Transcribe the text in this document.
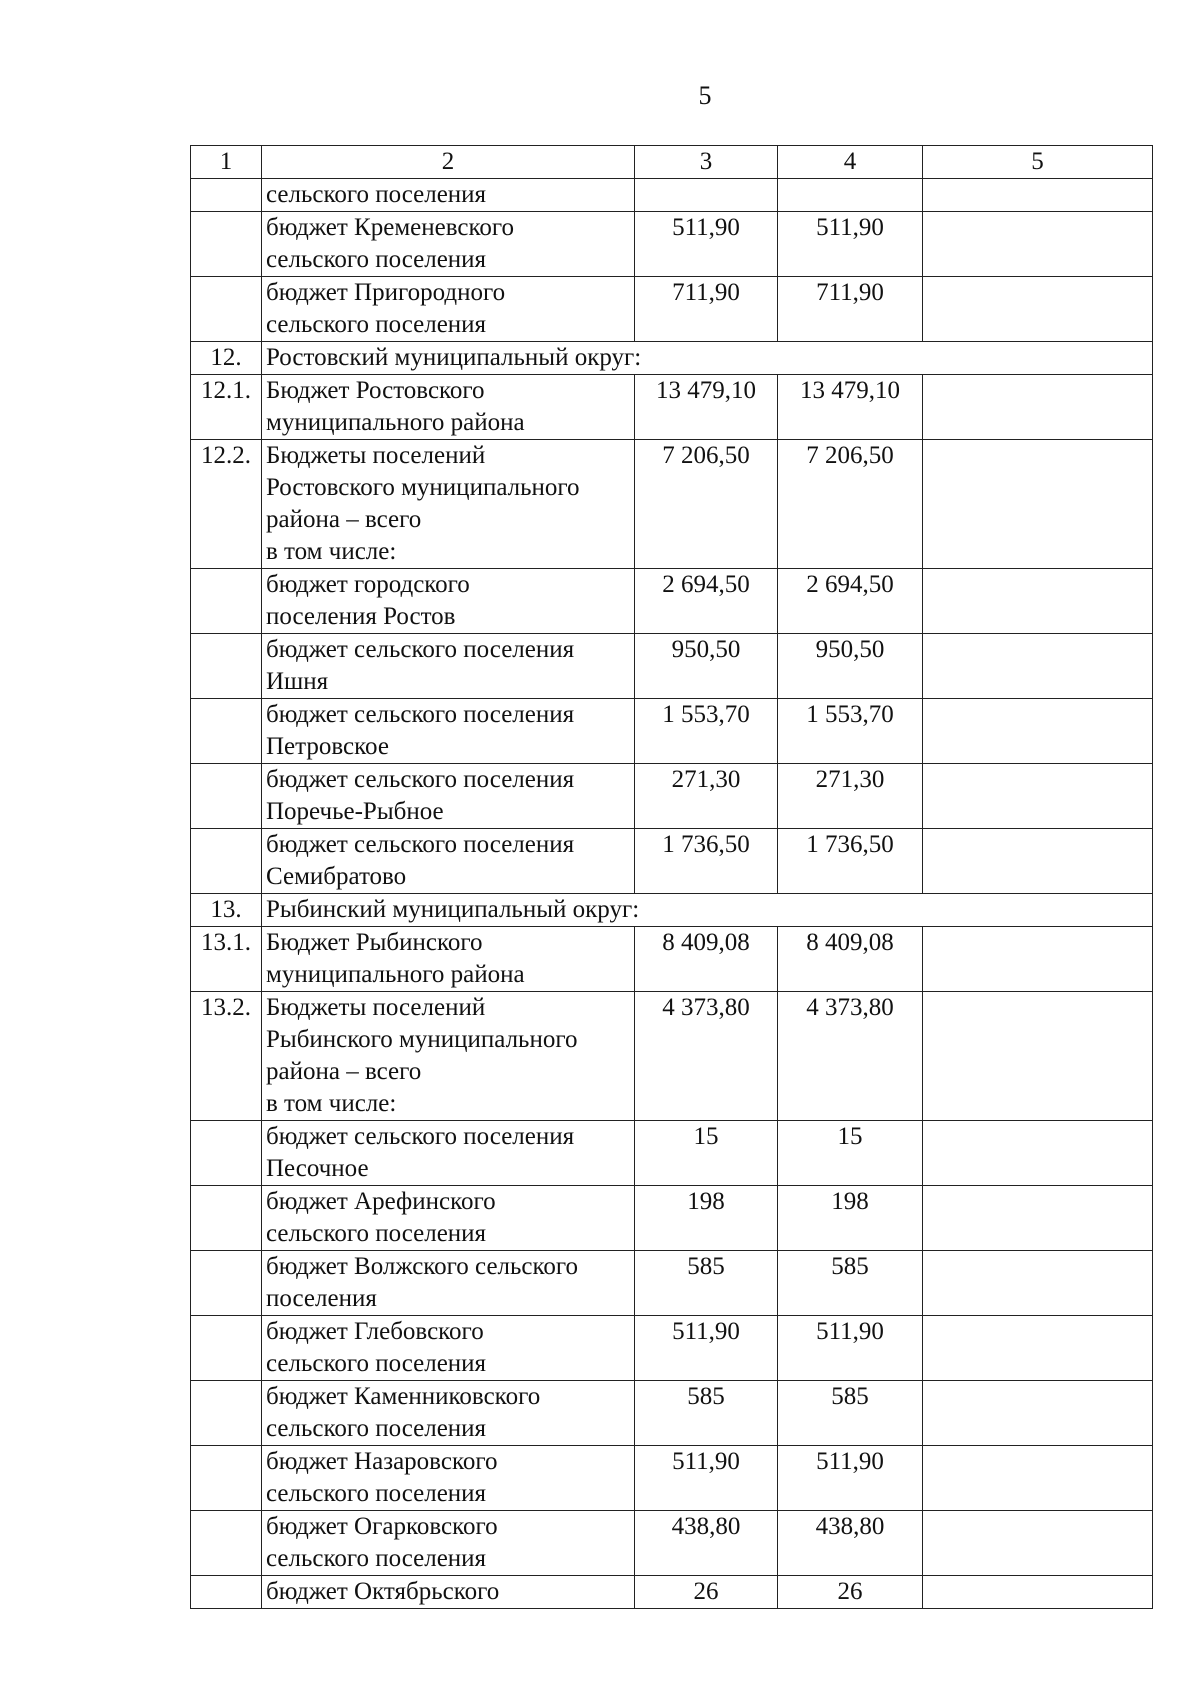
5
1	2	3	4	5

	сельского поселения			

	бюджет Кременевского
сельского поселения	511,90	511,90	

	бюджет Пригородного
сельского поселения	711,90	711,90	
12.	Ростовский муниципальный округ:			

12.1.	Бюджет Ростовского
муниципального района	13 479,10	13 479,10	
12.2.	Бюджеты поселений
Ростовского муниципального
района – всего
в том числе:	7 206,50	7 206,50	

	бюджет городского
поселения Ростов	2 694,50	2 694,50	

	бюджет сельского поселения
Ишня	950,50	950,50	

	бюджет сельского поселения
Петровское	1 553,70	1 553,70	

	бюджет сельского поселения
Поречье-Рыбное	271,30	271,30	

	бюджет сельского поселения
Семибратово	1 736,50	1 736,50	
13.	Рыбинский муниципальный округ:			

13.1.	Бюджет Рыбинского
муниципального района	8 409,08	8 409,08	
13.2.	Бюджеты поселений
Рыбинского муниципального
района – всего
в том числе:	4 373,80	4 373,80	

	бюджет сельского поселения
Песочное	15	15	

	бюджет Арефинского
сельского поселения	198	198	

	бюджет Волжского сельского
поселения	585	585	

	бюджет Глебовского
сельского поселения	511,90	511,90	

	бюджет Каменниковского
сельского поселения	585	585	

	бюджет Назаровского
сельского поселения	511,90	511,90	

	бюджет Огарковского
сельского поселения	438,80	438,80	

	бюджет Октябрьского	26	26	
